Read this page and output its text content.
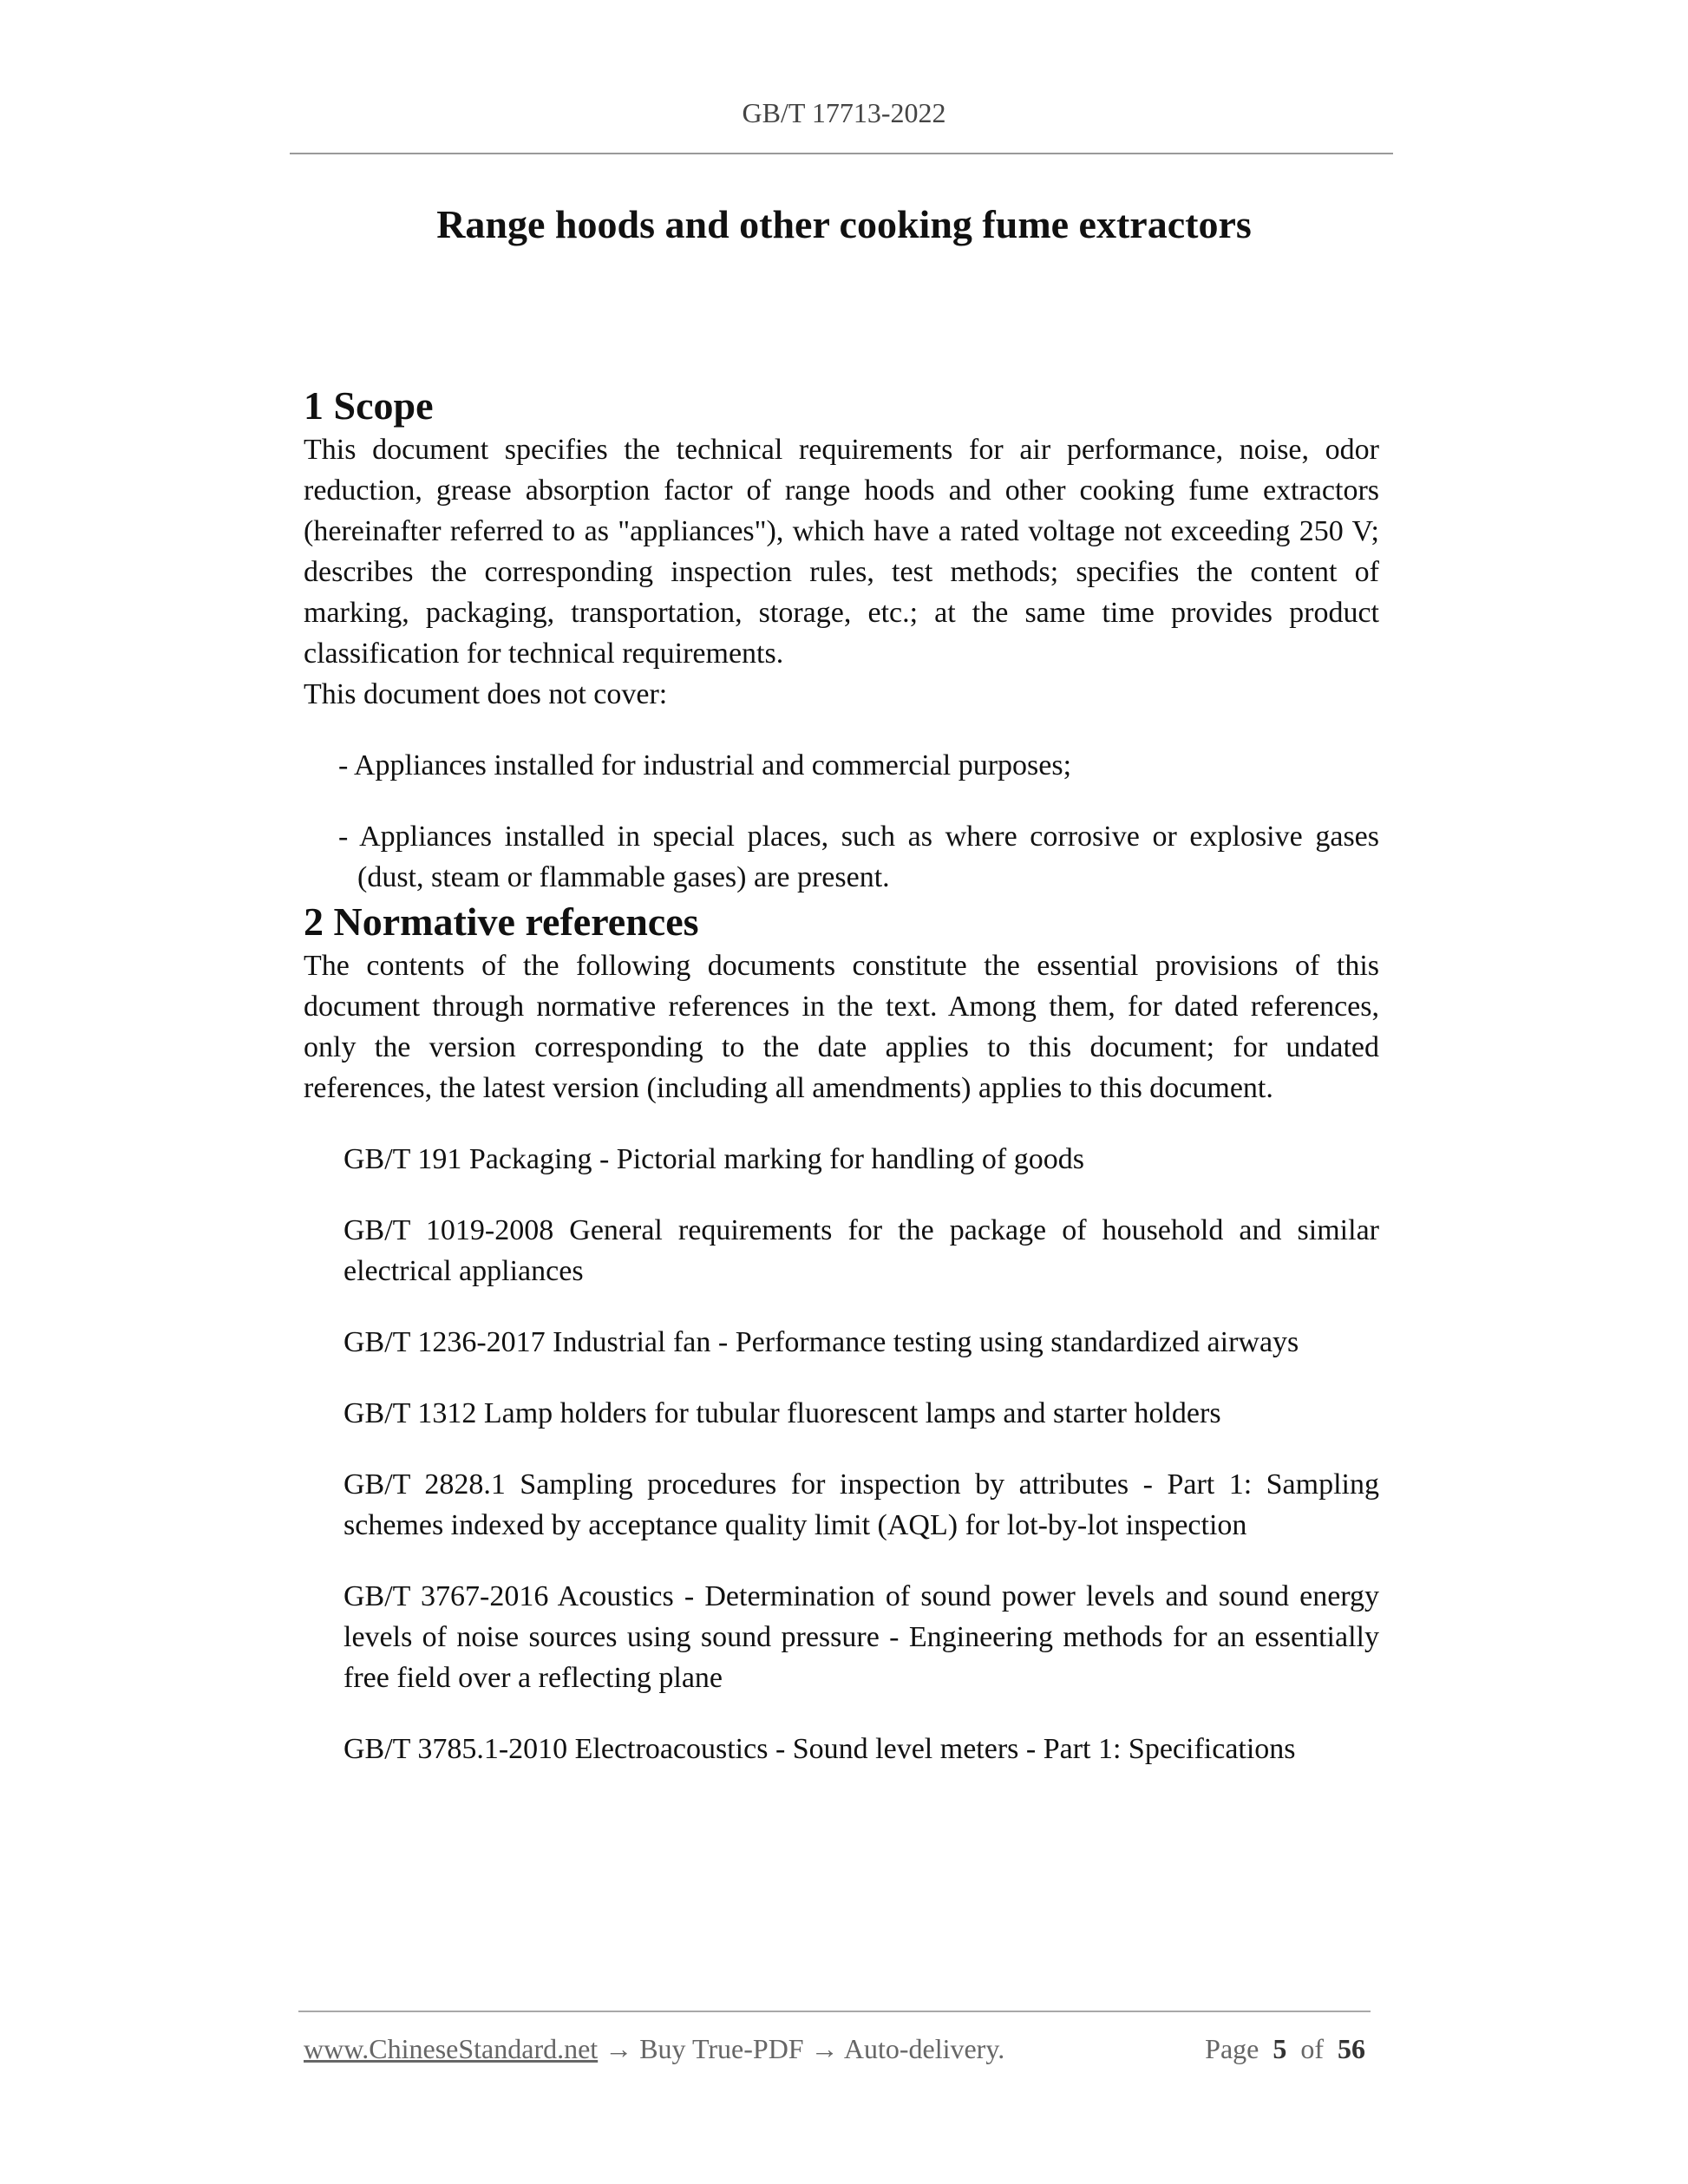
GB/T 17713-2022
Range hoods and other cooking fume extractors
1 Scope

This document specifies the technical requirements for air performance, noise, odor reduction, grease absorption factor of range hoods and other cooking fume extractors (hereinafter referred to as "appliances"), which have a rated voltage not exceeding 250 V; describes the corresponding inspection rules, test methods; specifies the content of marking, packaging, transportation, storage, etc.; at the same time provides product classification for technical requirements.

This document does not cover:

- Appliances installed for industrial and commercial purposes;
- Appliances installed in special places, such as where corrosive or explosive gases (dust, steam or flammable gases) are present.
2 Normative references

The contents of the following documents constitute the essential provisions of this document through normative references in the text. Among them, for dated references, only the version corresponding to the date applies to this document; for undated references, the latest version (including all amendments) applies to this document.

GB/T 191 Packaging - Pictorial marking for handling of goods
GB/T 1019-2008 General requirements for the package of household and similar electrical appliances
GB/T 1236-2017 Industrial fan - Performance testing using standardized airways
GB/T 1312 Lamp holders for tubular fluorescent lamps and starter holders
GB/T 2828.1 Sampling procedures for inspection by attributes - Part 1: Sampling schemes indexed by acceptance quality limit (AQL) for lot-by-lot inspection
GB/T 3767-2016 Acoustics - Determination of sound power levels and sound energy levels of noise sources using sound pressure - Engineering methods for an essentially free field over a reflecting plane
GB/T 3785.1-2010 Electroacoustics - Sound level meters - Part 1: Specifications
www.ChineseStandard.net → Buy True-PDF → Auto-delivery.	Page 5 of 56
